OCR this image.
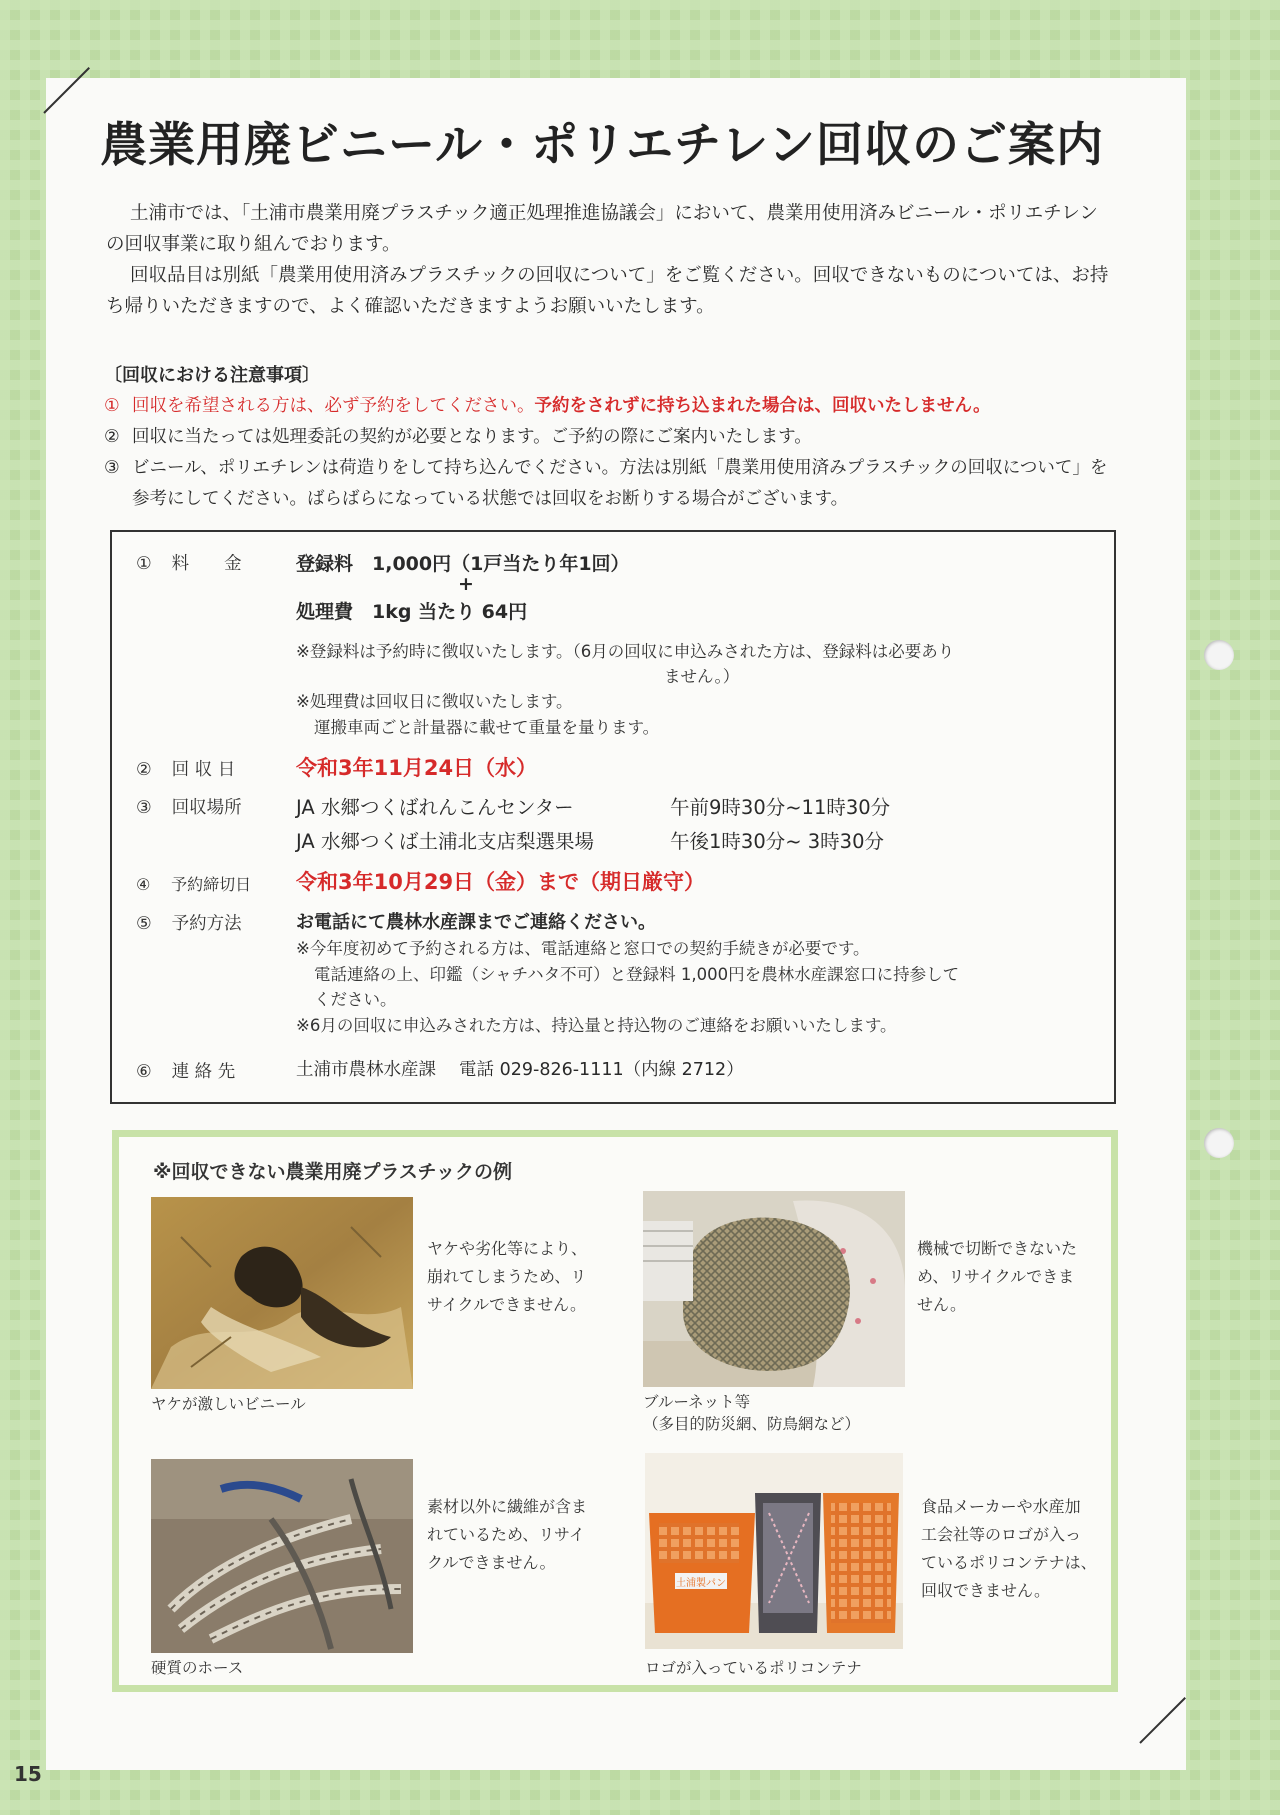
農業用廃ビニール・ポリエチレン回収のご案内

土浦市では、「土浦市農業用廃プラスチック適正処理推進協議会」において、農業用使用済みビニール・ポリエチレンの回収事業に取り組んでおります。

回収品目は別紙「農業用使用済みプラスチックの回収について」をご覧ください。回収できないものについては、お持ち帰りいただきますので、よく確認いただきますようお願いいたします。

〔回収における注意事項〕
① 回収を希望される方は、必ず予約をしてください。予約をされずに持ち込まれた場合は、回収いたしません。
② 回収に当たっては処理委託の契約が必要となります。ご予約の際にご案内いたします。
③ ビニール、ポリエチレンは荷造りをして持ち込んでください。方法は別紙「農業用使用済みプラスチックの回収について」を参考にしてください。ばらばらになっている状態では回収をお断りする場合がございます。
① 料　　金	登録料　1,000円（1戸当たり年1回）
+
処理費　1kg 当たり 64円
※登録料は予約時に徴収いたします。（6月の回収に申込みされた方は、登録料は必要あり
ません。）
※処理費は回収日に徴収いたします。
運搬車両ごと計量器に載せて重量を量ります。
② 回 収 日	令和3年11月24日（水）
③ 回収場所	JA 水郷つくばれんこんセンター	午前9時30分~11時30分
JA 水郷つくば土浦北支店梨選果場	午後1時30分~ 3時30分
④ 予約締切日 令和3年10月29日（金）まで（期日厳守）
⑤ 予約方法	お電話にて農林水産課までご連絡ください。
※今年度初めて予約される方は、電話連絡と窓口での契約手続きが必要です。
電話連絡の上、印鑑（シャチハタ不可）と登録料 1,000円を農林水産課窓口に持参して
ください。
※6月の回収に申込みされた方は、持込量と持込物のご連絡をお願いいたします。
⑥ 連 絡 先	土浦市農林水産課　 電話 029-826-1111（内線 2712）
※回収できない農業用廃プラスチックの例
ヤケが激しいビニール
ヤケや劣化等により、
崩れてしまうため、リ
サイクルできません。
ブルーネット等
（多目的防災網、防鳥網など）
機械で切断できないた
め、リサイクルできま
せん。
硬質のホース
素材以外に繊維が含ま
れているため、リサイ
クルできません。
土浦製パン
ロゴが入っているポリコンテナ
食品メーカーや水産加
工会社等のロゴが入っ
ているポリコンテナは、
回収できません。
15
